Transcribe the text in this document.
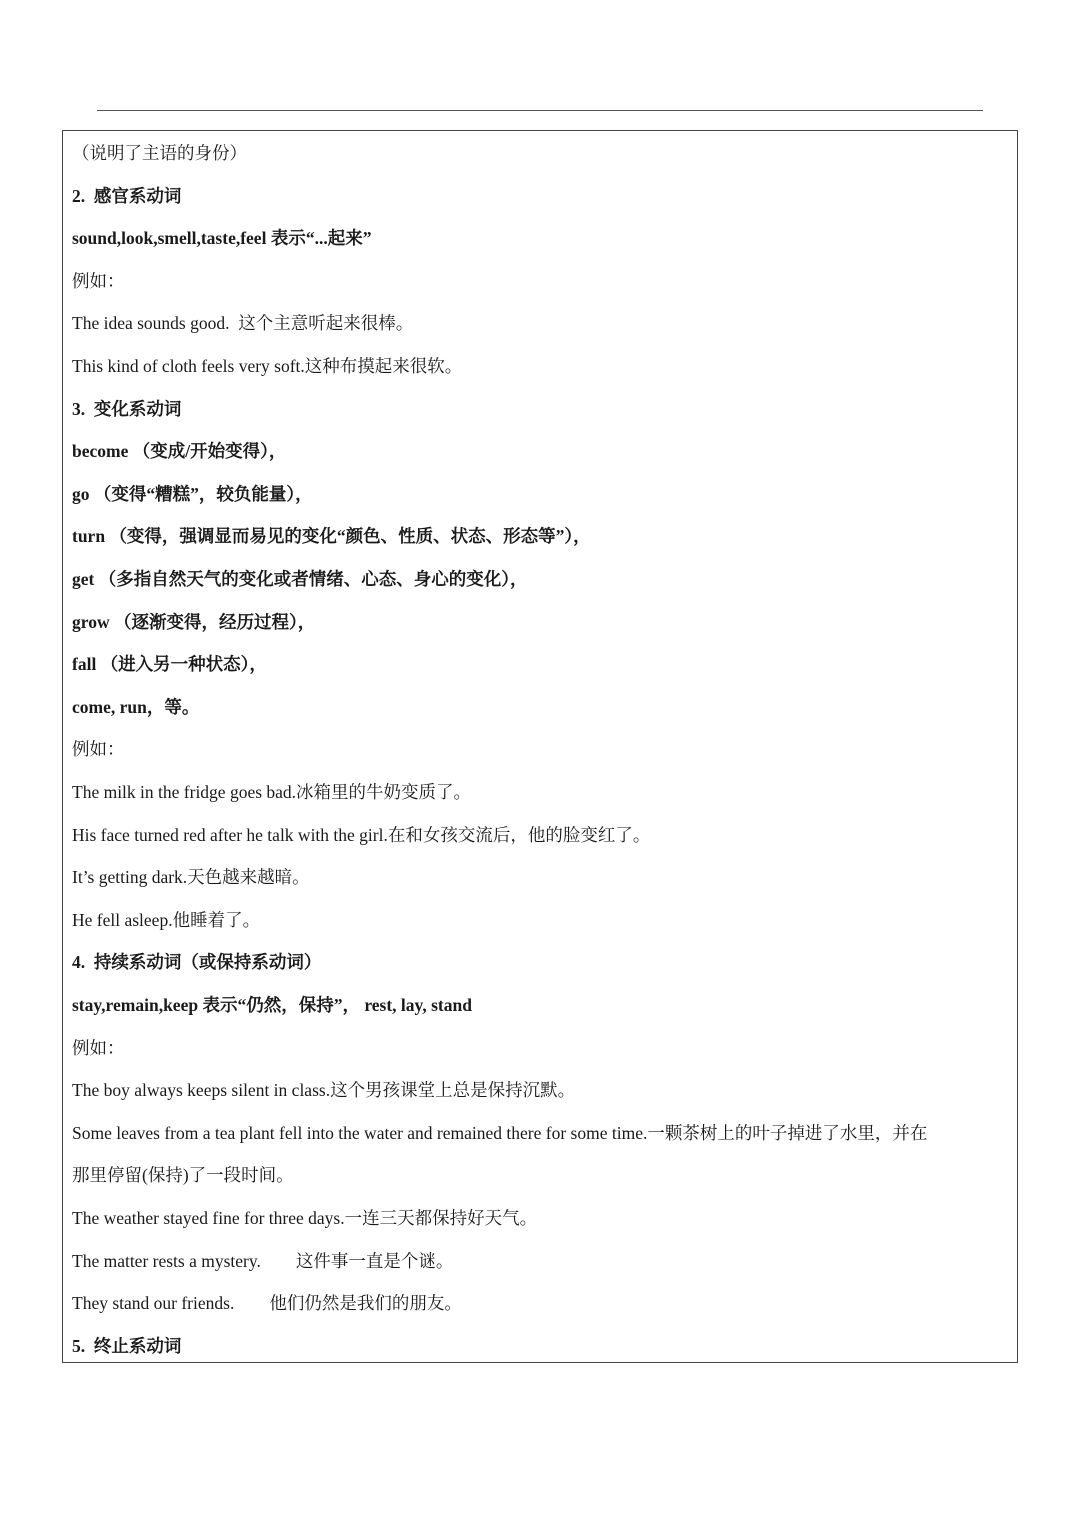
（说明了主语的身份）
2.  感官系动词
sound,look,smell,taste,feel 表示“...起来”
例如：
The idea sounds good.  这个主意听起来很棒。
This kind of cloth feels very soft.这种布摸起来很软。
3.  变化系动词
become （变成/开始变得），
go （变得“糟糕”，较负能量），
turn （变得，强调显而易见的变化“颜色、性质、状态、形态等”），
get （多指自然天气的变化或者情绪、心态、身心的变化），
grow （逐渐变得，经历过程），
fall （进入另一种状态），
come, run，等。
例如：
The milk in the fridge goes bad.冰箱里的牛奶变质了。
His face turned red after he talk with the girl.在和女孩交流后，他的脸变红了。
It’s getting dark.天色越来越暗。
He fell asleep.他睡着了。
4.  持续系动词（或保持系动词）
stay,remain,keep 表示“仍然，保持”， rest, lay, stand
例如：
The boy always keeps silent in class.这个男孩课堂上总是保持沉默。
Some leaves from a tea plant fell into the water and remained there for some time.一颗茶树上的叶子掉进了水里，并在
那里停留(保持)了一段时间。
The weather stayed fine for three days.一连三天都保持好天气。
The matter rests a mystery.        这件事一直是个谜。
They stand our friends.        他们仍然是我们的朋友。
5.  终止系动词
